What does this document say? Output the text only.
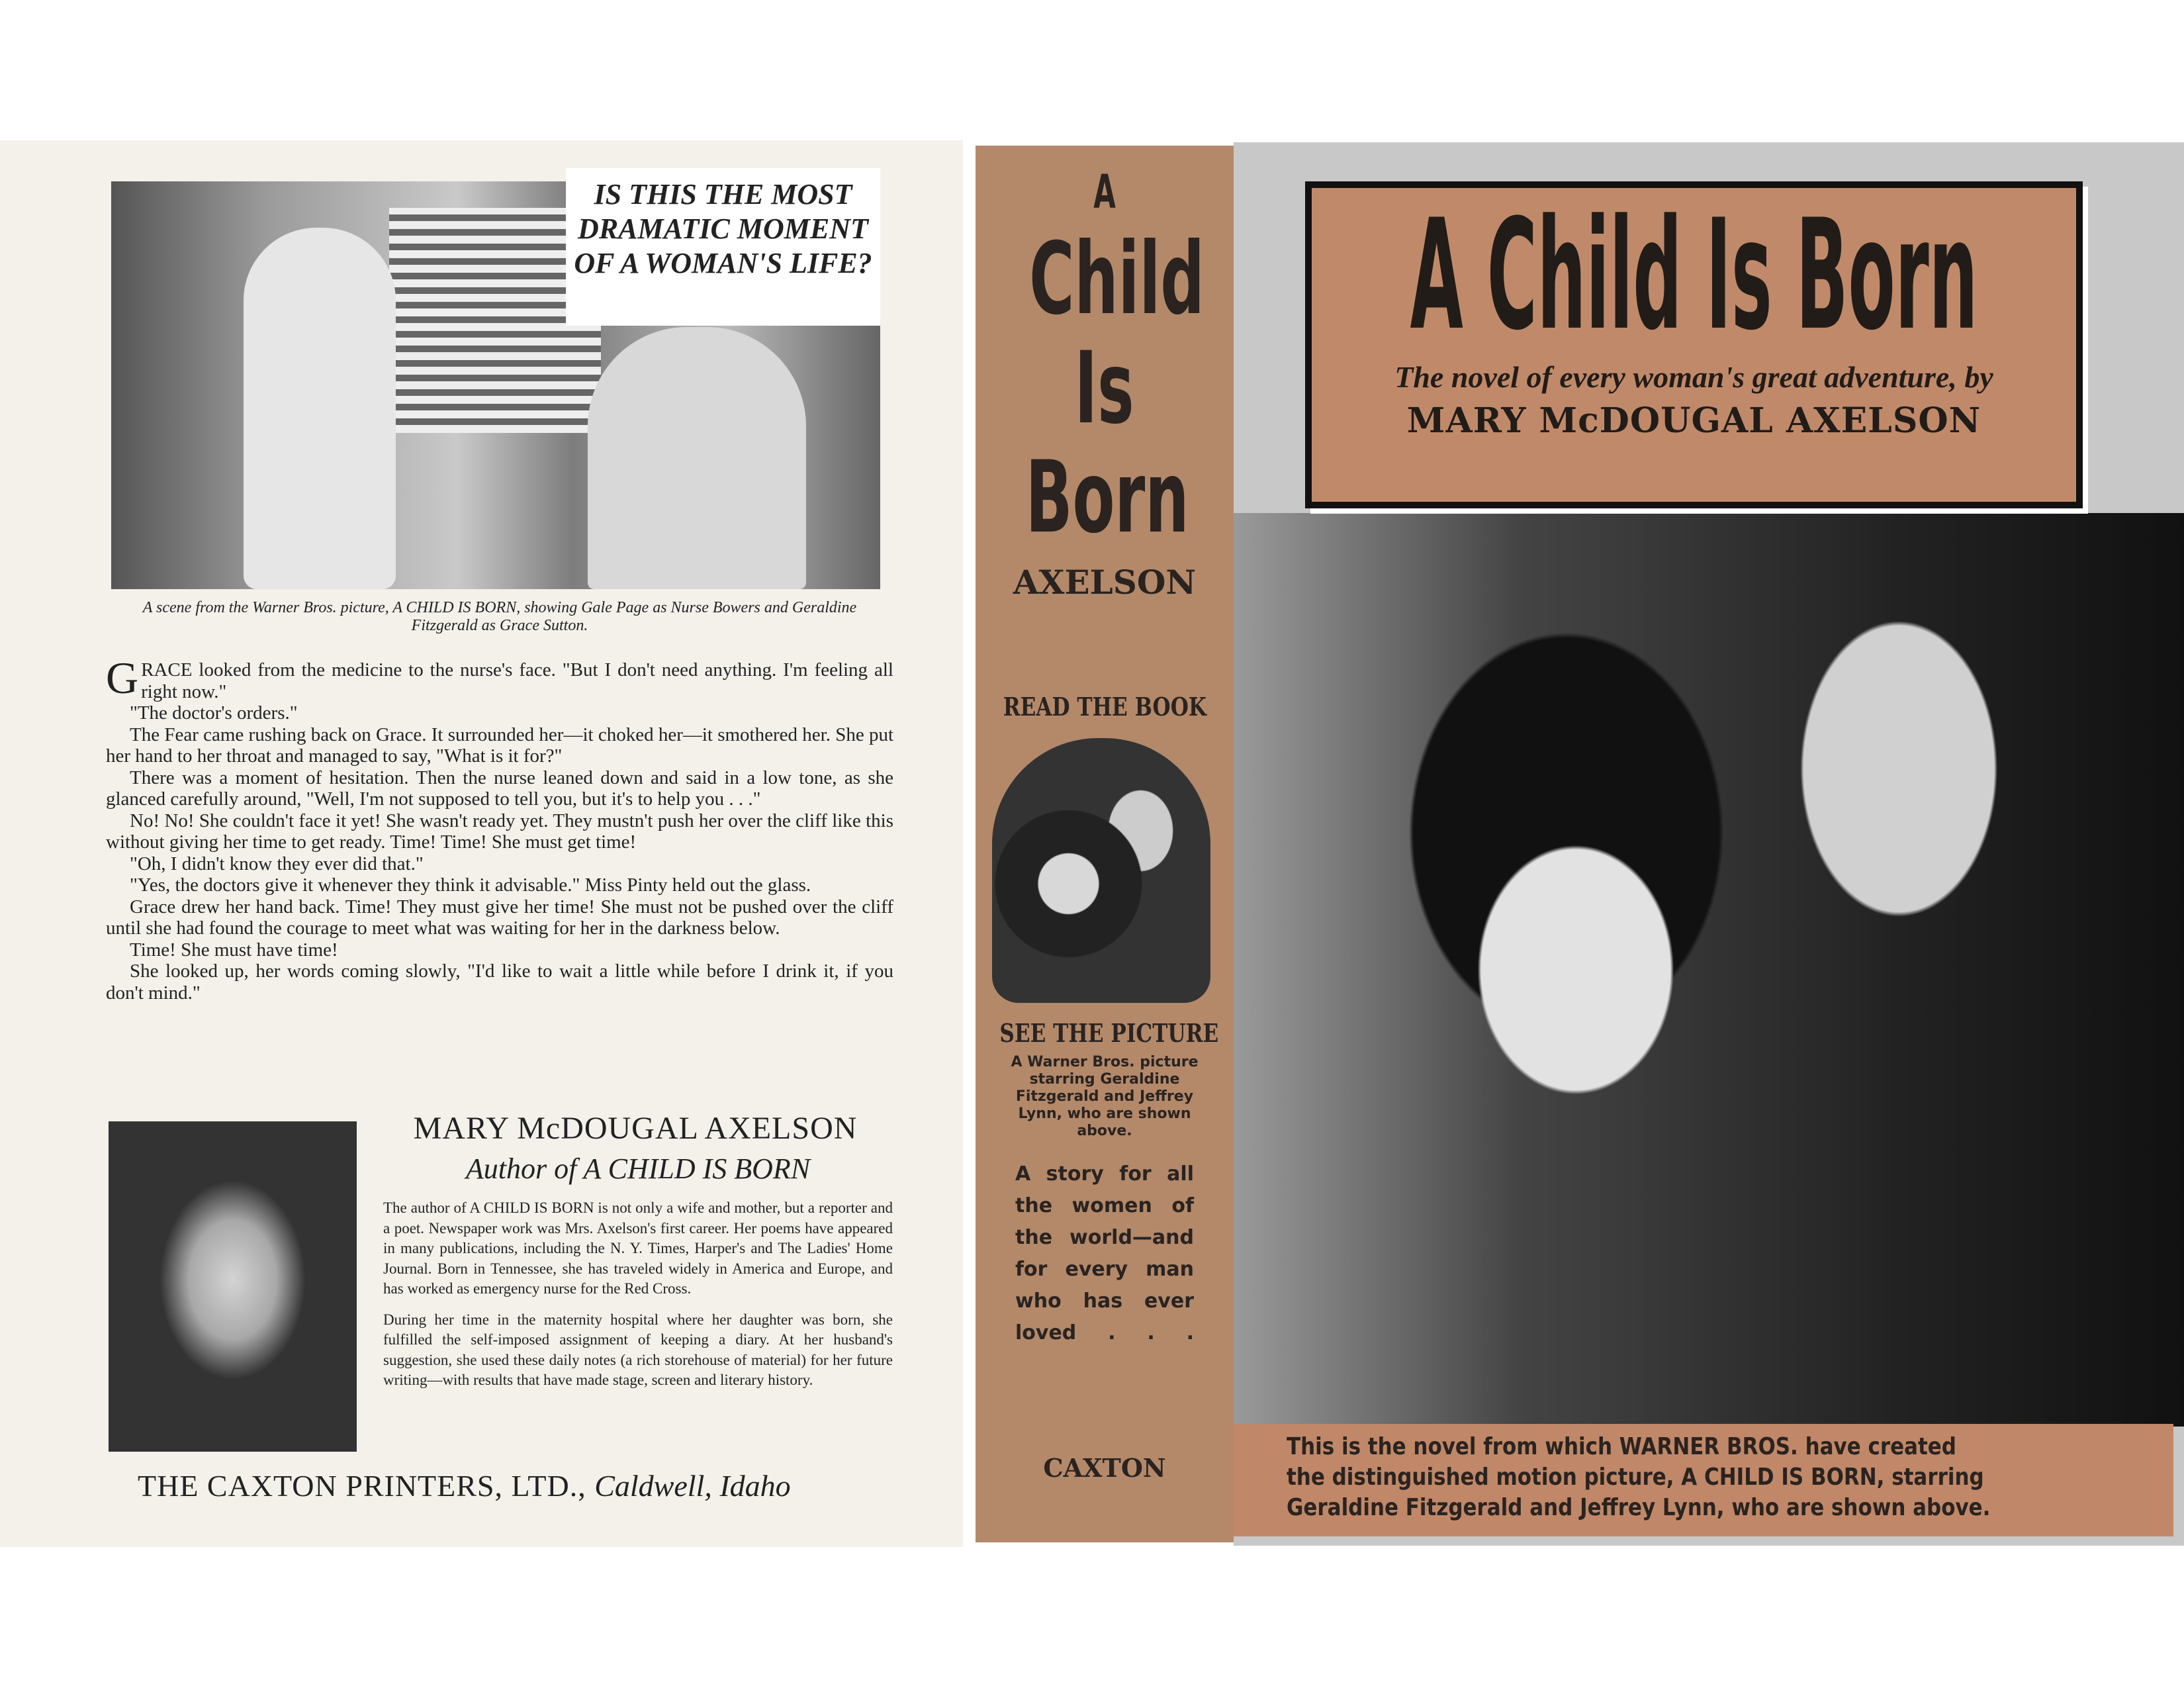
IS THIS THE MOST DRAMATIC MOMENT OF A WOMAN'S LIFE?
A scene from the Warner Bros. picture, A CHILD IS BORN, showing Gale Page as Nurse Bowers and Geraldine Fitzgerald as Grace Sutton.

GRACE looked from the medicine to the nurse's face. "But I don't need anything. I'm feeling all right now."

"The doctor's orders."

The Fear came rushing back on Grace. It surrounded her—it choked her—it smothered her. She put her hand to her throat and managed to say, "What is it for?"

There was a moment of hesitation. Then the nurse leaned down and said in a low tone, as she glanced carefully around, "Well, I'm not supposed to tell you, but it's to help you . . ."

No! No! She couldn't face it yet! She wasn't ready yet. They mustn't push her over the cliff like this without giving her time to get ready. Time! Time! She must get time!

"Oh, I didn't know they ever did that."

"Yes, the doctors give it whenever they think it advisable." Miss Pinty held out the glass.

Grace drew her hand back. Time! They must give her time! She must not be pushed over the cliff until she had found the courage to meet what was waiting for her in the darkness below.

Time! She must have time!

She looked up, her words coming slowly, "I'd like to wait a little while before I drink it, if you don't mind."

MARY McDOUGAL AXELSON
Author of A CHILD IS BORN

The author of A CHILD IS BORN is not only a wife and mother, but a reporter and a poet. Newspaper work was Mrs. Axelson's first career. Her poems have appeared in many publications, including the N. Y. Times, Harper's and The Ladies' Home Journal. Born in Tennessee, she has traveled widely in America and Europe, and has worked as emergency nurse for the Red Cross.

During her time in the maternity hospital where her daughter was born, she fulfilled the self-imposed assignment of keeping a diary. At her husband's suggestion, she used these daily notes (a rich storehouse of material) for her future writing—with results that have made stage, screen and literary history.

THE CAXTON PRINTERS, LTD., Caldwell, Idaho
A
Child
Is
Born
AXELSON
READ THE BOOK
SEE THE PICTURE
A Warner Bros. picture starring Geraldine Fitzgerald and Jeffrey Lynn, who are shown above.
A story for all the women of the world—and for every man who has ever loved . . .
CAXTON
A Child Is Born
The novel of every woman's great adventure, by
MARY McDOUGAL AXELSON
This is the novel from which WARNER BROS. have created
the distinguished motion picture, A CHILD IS BORN, starring
Geraldine Fitzgerald and Jeffrey Lynn, who are shown above.
